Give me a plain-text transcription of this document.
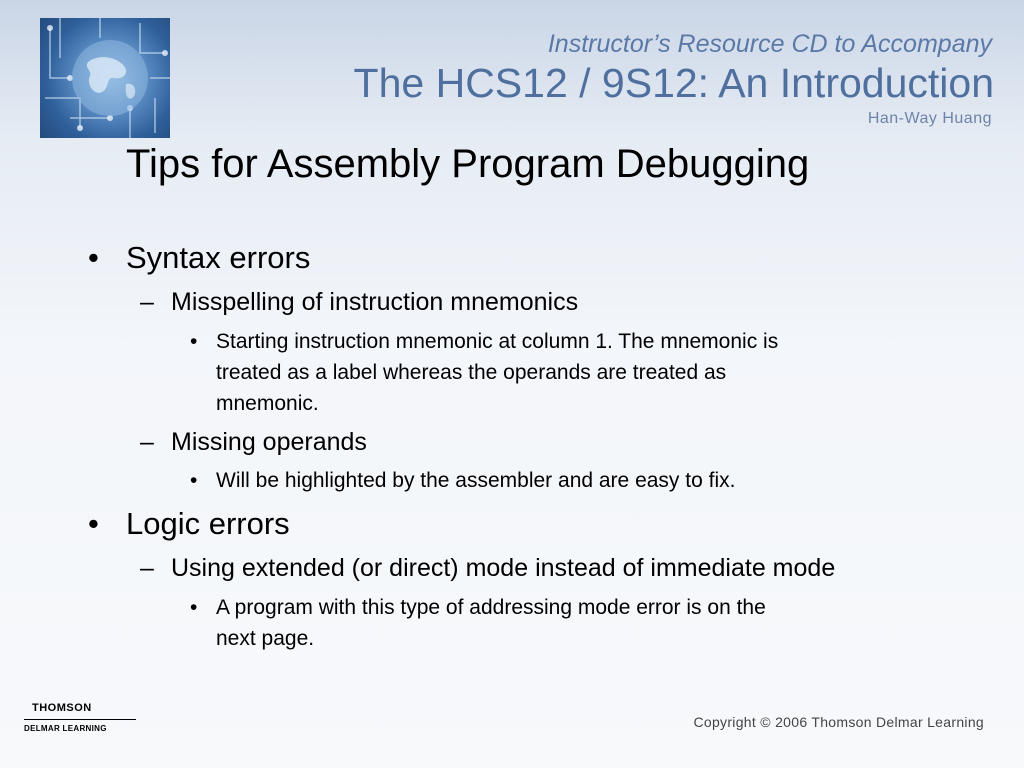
Instructor’s Resource CD to Accompany
The HCS12 / 9S12: An Introduction
Han-Way Huang
Tips for Assembly Program Debugging
• Syntax errors
– Misspelling of instruction mnemonics
• Starting instruction mnemonic at column 1. The mnemonic is
treated as a label whereas the operands are treated as
mnemonic.
– Missing operands
• Will be highlighted by the assembler and are easy to fix.
• Logic errors
– Using extended (or direct) mode instead of immediate mode
• A program with this type of addressing mode error is on the
next page.
THOMSON
DELMAR LEARNING	Copyright © 2006 Thomson Delmar Learning
